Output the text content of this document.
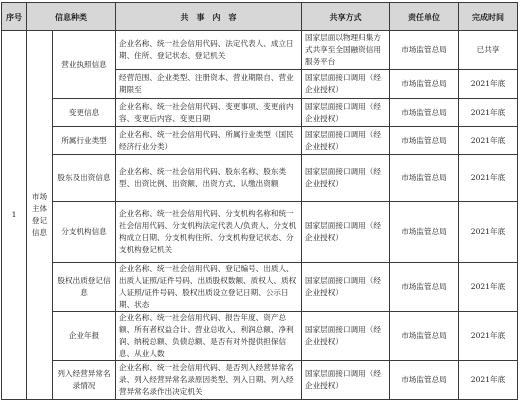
序号	信息种类		共　事　内　容	共享方式	责任单位	完成时间
1	市场主体登记信息	营业执照信息	企业名称、统一社会信用代码、法定代表人、成立日期、住所、登记状态、登记机关	国家层面以物理归集方式共享至全国融资信用服务平台	市场监管总局	已共享
			经营范围、企业类型、注册资本、营业期限自、营业期限至	国家层面接口调用（经企业授权）	市场监管总局	2021年底
		变更信息	企业名称、统一社会信用代码、变更事项、变更前内容、变更后内容、变更日期	国家层面接口调用（经企业授权）	市场监管总局	2021年底
		所属行业类型	企业名称、统一社会信用代码、所属行业类型（国民经济行业分类）	国家层面接口调用（经企业授权）	市场监管总局	2021年底
		股东及出资信息	企业名称、统一社会信用代码、股东名称、股东类型、出资比例、出资额、出资方式、认缴出资额	国家层面接口调用（经企业授权）	市场监管总局	2021年底
		分支机构信息	企业名称、统一社会信用代码、分支机构名称和统一社会信用代码、分支机构法定代表人/负责人、分支机构成立日期、分支机构住所、分支机构登记状态、分支机构登记机关	国家层面接口调用（经企业授权）	市场监管总局	2021年底
		股权出质登记信息	企业名称、统一社会信用代码、登记编号、出质人、出质人证照/证件号码、出质股权数额、质权人、质权人证照/证件号码、股权出质设立登记日期、公示日期、状态	国家层面接口调用（经企业授权）	市场监管总局	2021年底
		企业年报	企业名称、统一社会信用代码、报告年度、资产总额、所有者权益合计、营业总收入、利润总额、净利润、纳税总额、负债总额、是否有对外提供担保信息、从业人数	国家层面接口调用（经企业授权）	市场监管总局	2021年底
		列入经营异常名录情况	企业名称、统一社会信用代码、是否列入经营异常名录、列入经营异常名录原因类型、列入日期、列入经营异常名录作出决定机关	国家层面接口调用（经企业授权）	市场监管总局	2021年底
